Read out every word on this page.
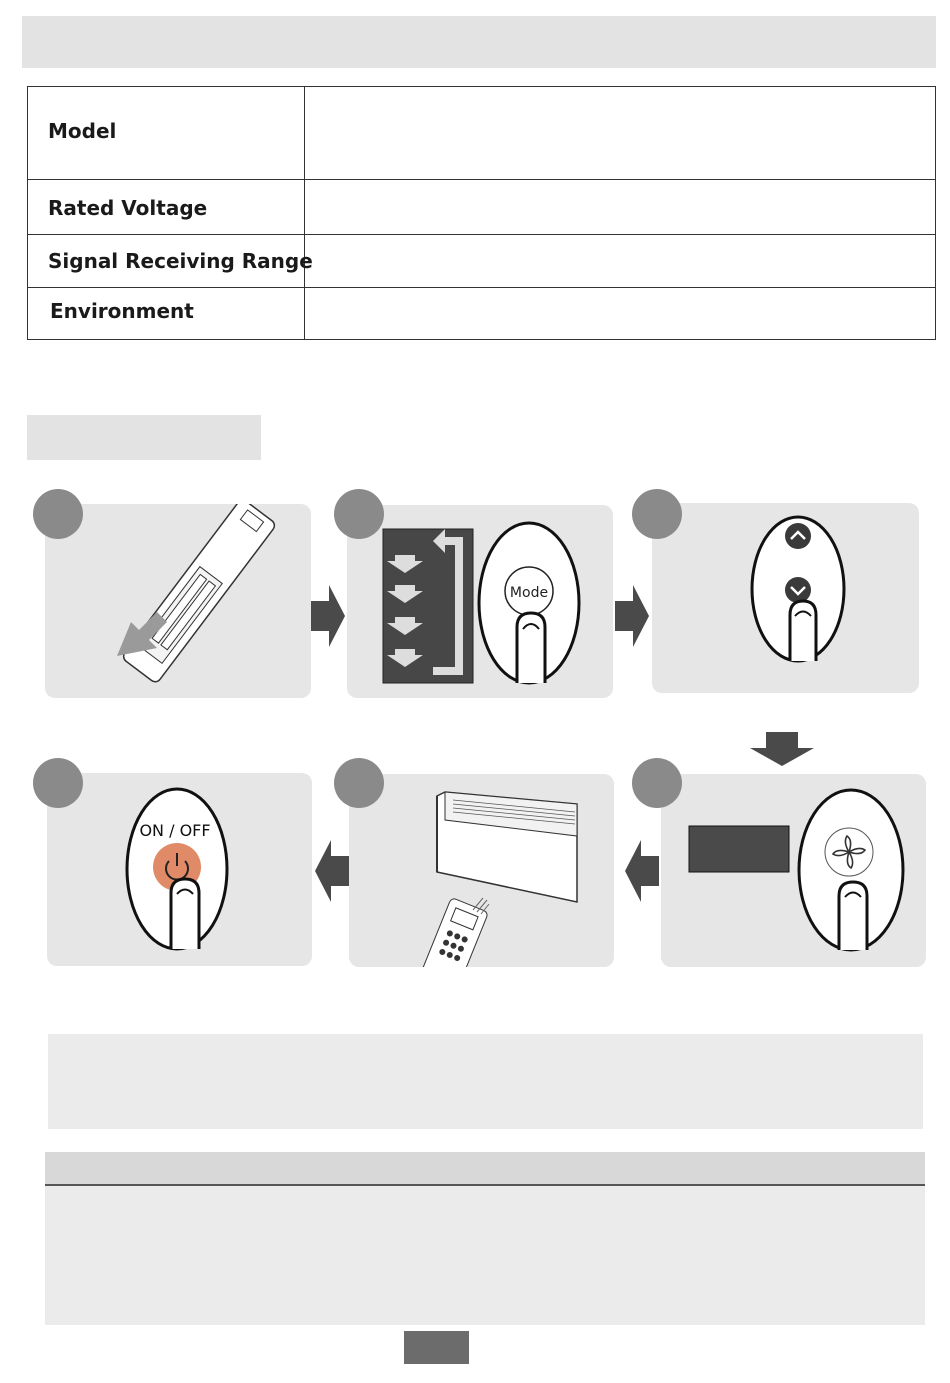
Model
Rated Voltage
Signal Receiving Range
Environment
Mode
ON / OFF
